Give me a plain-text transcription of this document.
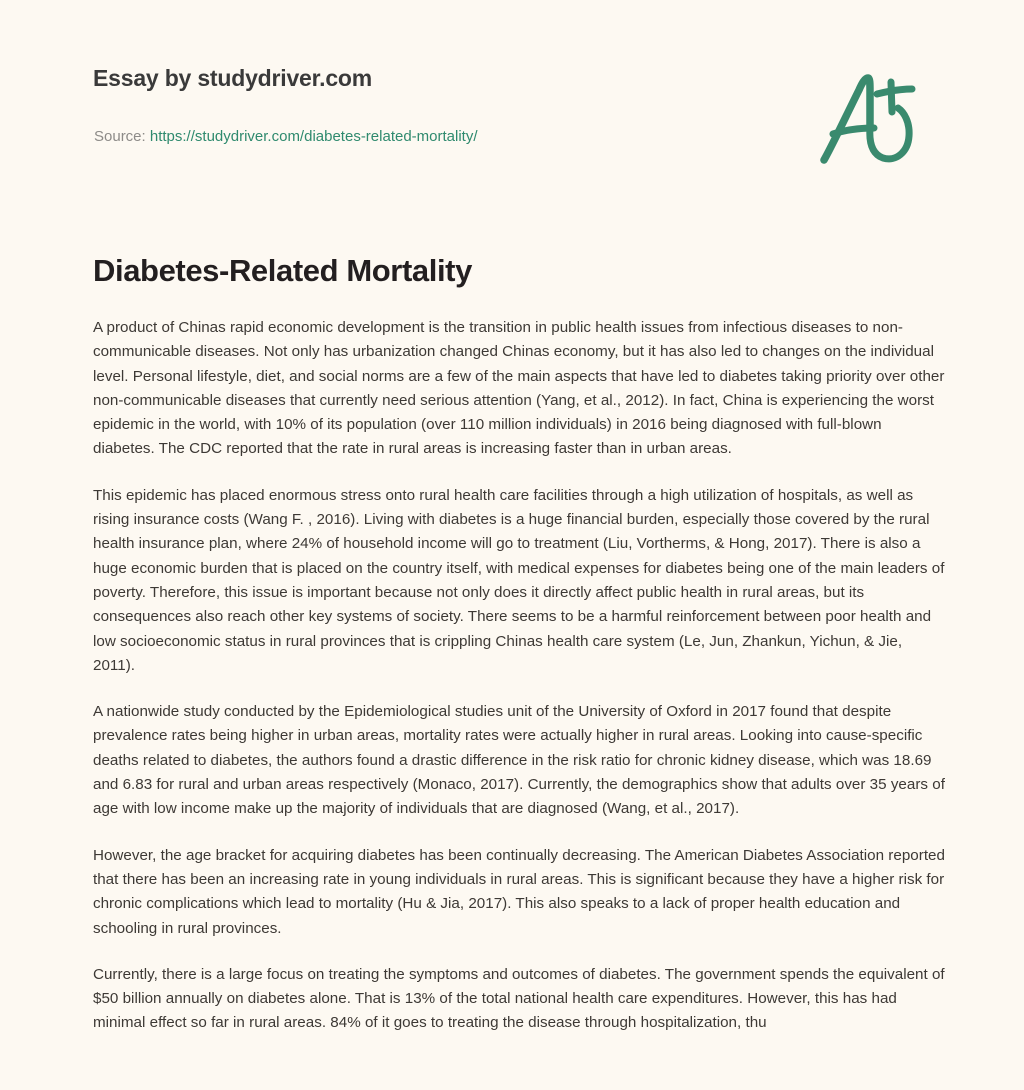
Essay by studydriver.com
Source: https://studydriver.com/diabetes-related-mortality/
Diabetes-Related Mortality

A product of Chinas rapid economic development is the transition in public health issues from infectious diseases to non-communicable diseases. Not only has urbanization changed Chinas economy, but it has also led to changes on the individual level. Personal lifestyle, diet, and social norms are a few of the main aspects that have led to diabetes taking priority over other non-communicable diseases that currently need serious attention (Yang, et al., 2012). In fact, China is experiencing the worst epidemic in the world, with 10% of its population (over 110 million individuals) in 2016 being diagnosed with full-blown diabetes. The CDC reported that the rate in rural areas is increasing faster than in urban areas.

This epidemic has placed enormous stress onto rural health care facilities through a high utilization of hospitals, as well as rising insurance costs (Wang F. , 2016). Living with diabetes is a huge financial burden, especially those covered by the rural health insurance plan, where 24% of household income will go to treatment (Liu, Vortherms, & Hong, 2017). There is also a huge economic burden that is placed on the country itself, with medical expenses for diabetes being one of the main leaders of poverty. Therefore, this issue is important because not only does it directly affect public health in rural areas, but its consequences also reach other key systems of society. There seems to be a harmful reinforcement between poor health and low socioeconomic status in rural provinces that is crippling Chinas health care system (Le, Jun, Zhankun, Yichun, & Jie, 2011).

A nationwide study conducted by the Epidemiological studies unit of the University of Oxford in 2017 found that despite prevalence rates being higher in urban areas, mortality rates were actually higher in rural areas. Looking into cause-specific deaths related to diabetes, the authors found a drastic difference in the risk ratio for chronic kidney disease, which was 18.69 and 6.83 for rural and urban areas respectively (Monaco, 2017). Currently, the demographics show that adults over 35 years of age with low income make up the majority of individuals that are diagnosed (Wang, et al., 2017).

However, the age bracket for acquiring diabetes has been continually decreasing. The American Diabetes Association reported that there has been an increasing rate in young individuals in rural areas. This is significant because they have a higher risk for chronic complications which lead to mortality (Hu & Jia, 2017). This also speaks to a lack of proper health education and schooling in rural provinces.

Currently, there is a large focus on treating the symptoms and outcomes of diabetes. The government spends the equivalent of $50 billion annually on diabetes alone. That is 13% of the total national health care expenditures. However, this has had minimal effect so far in rural areas. 84% of it goes to treating the disease through hospitalization, thu
